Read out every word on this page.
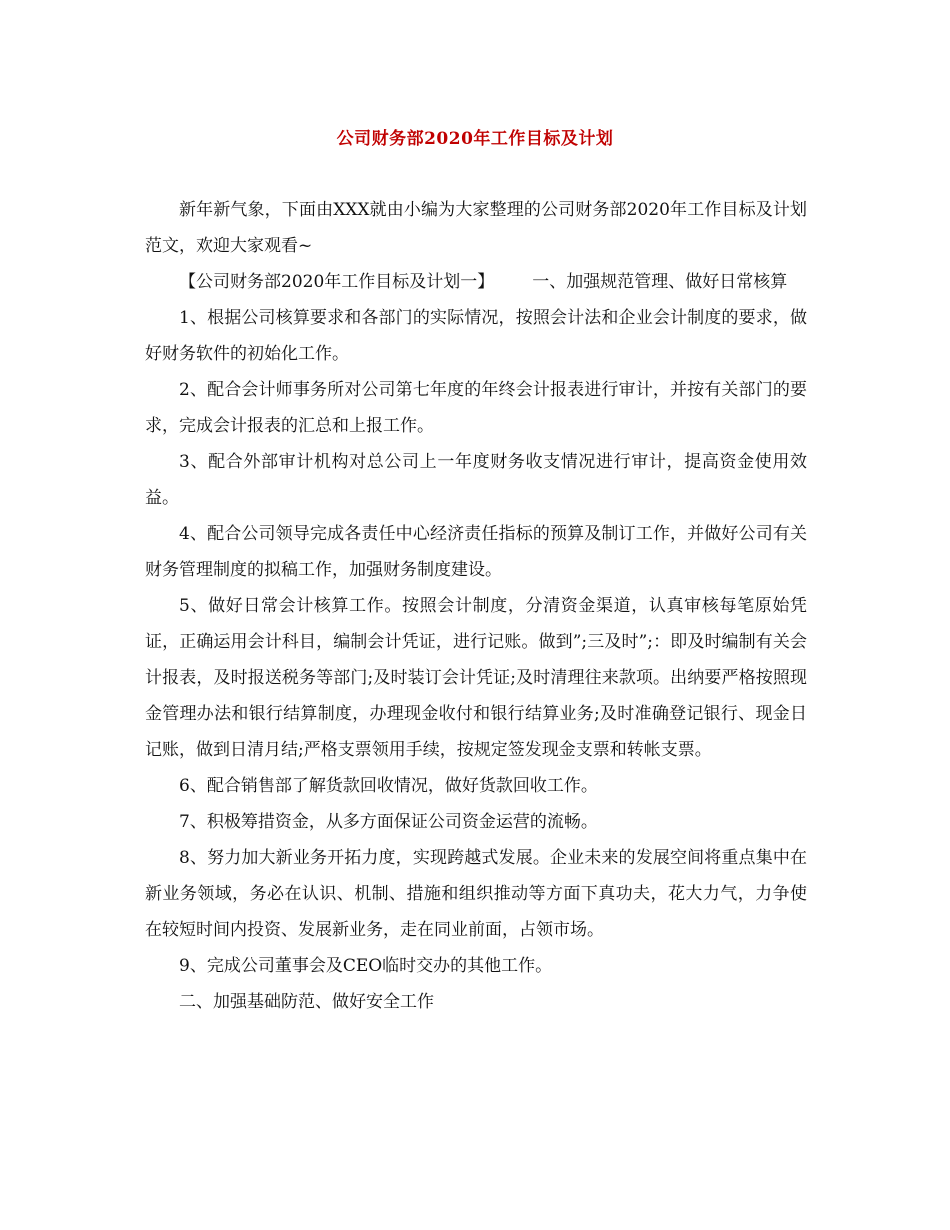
公司财务部2020年工作目标及计划

新年新气象，下面由XXX就由小编为大家整理的公司财务部2020年工作目标及计划范文，欢迎大家观看~

【公司财务部2020年工作目标及计划一】 一、加强规范管理、做好日常核算

1、根据公司核算要求和各部门的实际情况，按照会计法和企业会计制度的要求，做好财务软件的初始化工作。

2、配合会计师事务所对公司第七年度的年终会计报表进行审计，并按有关部门的要求，完成会计报表的汇总和上报工作。

3、配合外部审计机构对总公司上一年度财务收支情况进行审计，提高资金使用效益。

4、配合公司领导完成各责任中心经济责任指标的预算及制订工作，并做好公司有关财务管理制度的拟稿工作，加强财务制度建设。

5、做好日常会计核算工作。按照会计制度，分清资金渠道，认真审核每笔原始凭证，正确运用会计科目，编制会计凭证，进行记账。做到”;三及时”;：即及时编制有关会计报表，及时报送税务等部门;及时装订会计凭证;及时清理往来款项。出纳要严格按照现金管理办法和银行结算制度，办理现金收付和银行结算业务;及时准确登记银行、现金日记账，做到日清月结;严格支票领用手续，按规定签发现金支票和转帐支票。

6、配合销售部了解货款回收情况，做好货款回收工作。

7、积极筹措资金，从多方面保证公司资金运营的流畅。

8、努力加大新业务开拓力度，实现跨越式发展。企业未来的发展空间将重点集中在新业务领域，务必在认识、机制、措施和组织推动等方面下真功夫，花大力气，力争使在较短时间内投资、发展新业务，走在同业前面，占领市场。

9、完成公司董事会及CEO临时交办的其他工作。

二、加强基础防范、做好安全工作
